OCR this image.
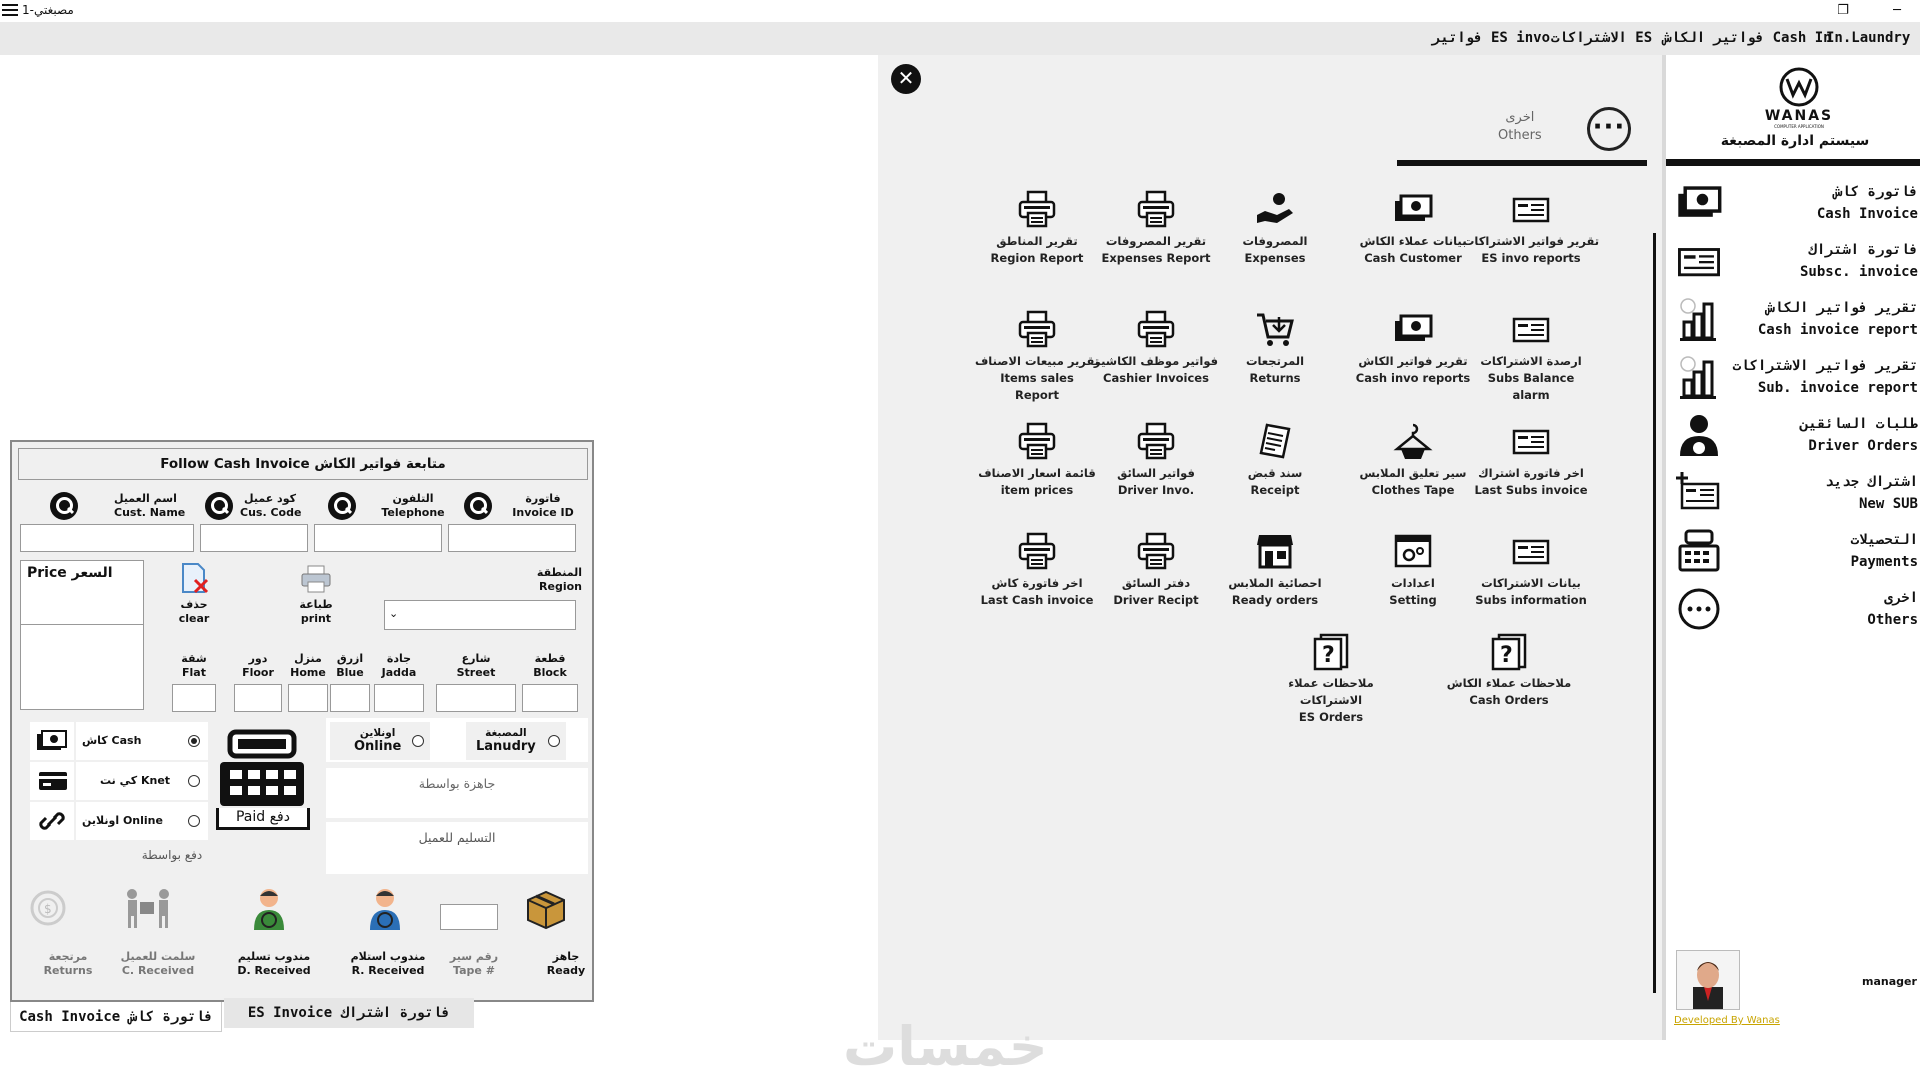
مصبغتي-1	❐	─
In.Laundry
فواتير الكاش Cash In
الاشتراكات ES
فواتير ES invo
✕
اخرى
Others ···
تقرير فواتير الاشتراكات
ES invo reports
بيانات عملاء الكاش
Cash Customer
المصروفات
Expenses
تقرير المصروفات
Expenses Report
تقرير المناطق
Region Report
ارصدة الاشتراكات
Subs Balance
alarm
تقرير فواتير الكاش
Cash invo reports
المرتجعات
Returns
فواتير موظف الكاشير
Cashier Invoices
تقرير مبيعات الاصناف
Items sales
Report
اخر فاتورة اشتراك
Last Subs invoice
سير تعليق الملابس
Clothes Tape
سند قبض
Receipt
فواتير السائق
Driver Invo.
قائمة اسعار الاصناف
item prices
بيانات الاشتراكات
Subs information
اعدادات
Setting
احصائية الملابس
Ready orders
دفتر السائق
Driver Recipt
اخر فاتورة كاش
Last Cash invoice
?
ملاحظات عملاء الكاش
Cash Orders
?
ملاحظات عملاء الاشتراكات
ES Orders
خمسات
WANAS
COMPUTER APPLICATION
سيستم ادارة المصبغة
فاتورة كاش
Cash Invoice
فاتورة اشتراك
Subsc. invoice
تقرير فواتير الكاش
Cash invoice report
تقرير فواتير الاشتراكات
Sub. invoice report
طلبات السائقين
Driver Orders
اشتراك جديد
New SUB
التحصيلات
Payments
اخرى
Others
manager
Developed By Wanas
Follow Cash Invoice متابعة فواتير الكاش
اسم العميل
Cust. Name
كود عميل
Cus. Code
التلفون
Telephone
فاتورة
Invoice ID
Price السعر
حذف
clear
طباعة
print
المنطقة
Region
⌄
قطعة
Block
شارع
Street
جادة
Jadda
ازرق
Blue
منزل
Home
دور
Floor
شقة
Flat
كاش Cash
كي نت Knet
اونلاين Online	Paid دفع
دفع بواسطة
اونلاين
Online
المصبغة
Lanudry
جاهزة بواسطة
التسليم للعميل
$
جاهز
Ready
رقم سير
Tape #
مندوب استلام
R. Received
مندوب تسليم
D. Received
سلمت للعميل
C. Received
مرتجعة
Returns
Cash Invoice فاتورة كاش	ES Invoice فاتورة اشتراك
